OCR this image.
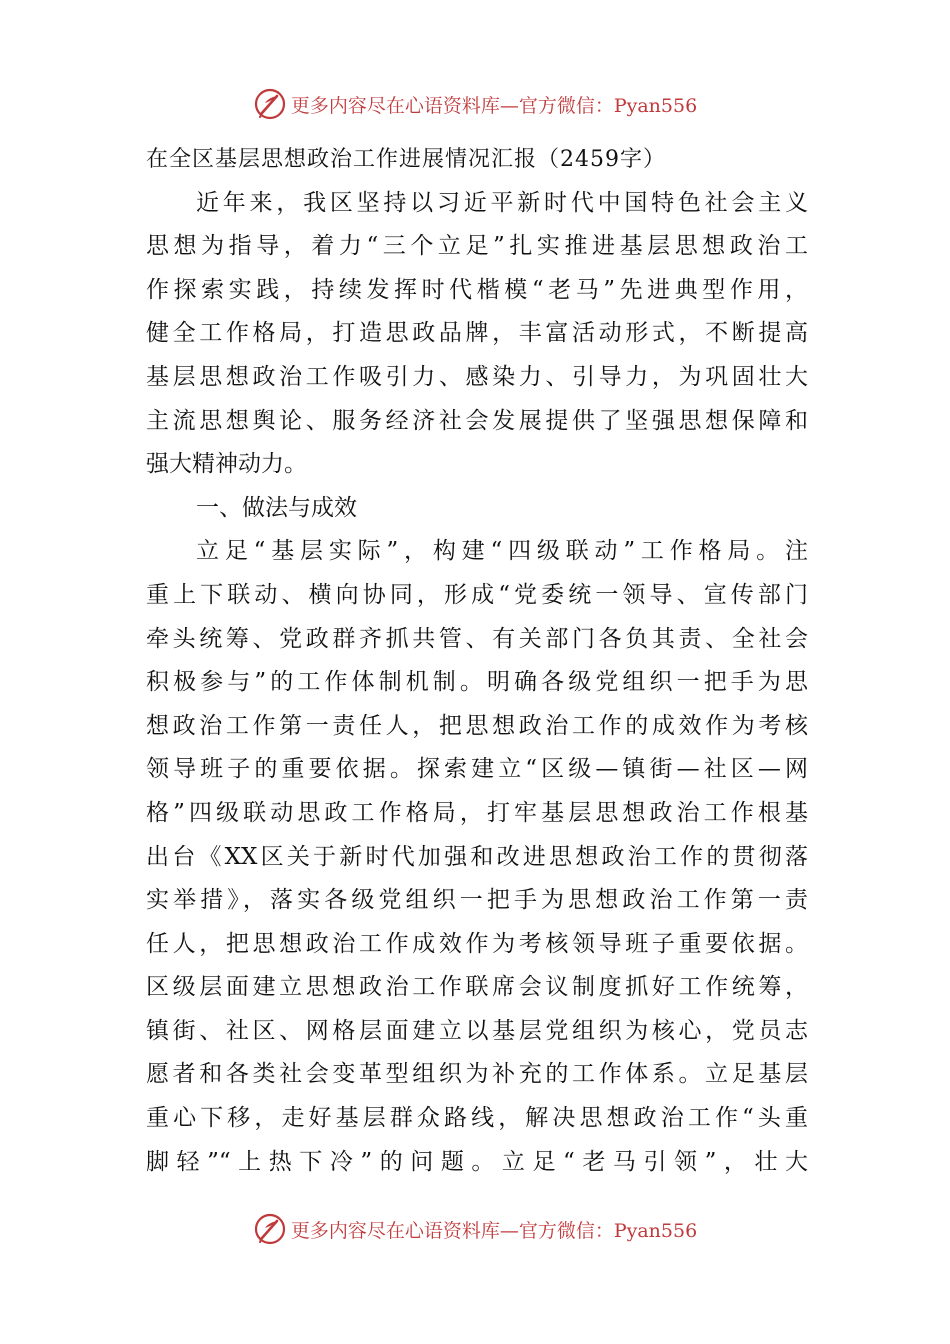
更多内容尽在心语资料库—官方微信：Pyan556
在全区基层思想政治工作进展情况汇报（2459字）
近年来，我区坚持以习近平新时代中国特色社会主义
思想为指导，着力“三个立足”扎实推进基层思想政治工
作探索实践，持续发挥时代楷模“老马”先进典型作用，
健全工作格局，打造思政品牌，丰富活动形式，不断提高
基层思想政治工作吸引力、感染力、引导力，为巩固壮大
主流思想舆论、服务经济社会发展提供了坚强思想保障和
强大精神动力。
一、做法与成效
立足“基层实际”，构建“四级联动”工作格局。注
重上下联动、横向协同，形成“党委统一领导、宣传部门
牵头统筹、党政群齐抓共管、有关部门各负其责、全社会
积极参与”的工作体制机制。明确各级党组织一把手为思
想政治工作第一责任人，把思想政治工作的成效作为考核
领导班子的重要依据。探索建立“区级—镇街—社区—网
格”四级联动思政工作格局，打牢基层思想政治工作根基
出台《XX区关于新时代加强和改进思想政治工作的贯彻落
实举措》，落实各级党组织一把手为思想政治工作第一责
任人，把思想政治工作成效作为考核领导班子重要依据。
区级层面建立思想政治工作联席会议制度抓好工作统筹，
镇街、社区、网格层面建立以基层党组织为核心，党员志
愿者和各类社会变革型组织为补充的工作体系。立足基层
重心下移，走好基层群众路线，解决思想政治工作“头重
脚轻”“上热下冷”的问题。立足“老马引领”，壮大
更多内容尽在心语资料库—官方微信：Pyan556
